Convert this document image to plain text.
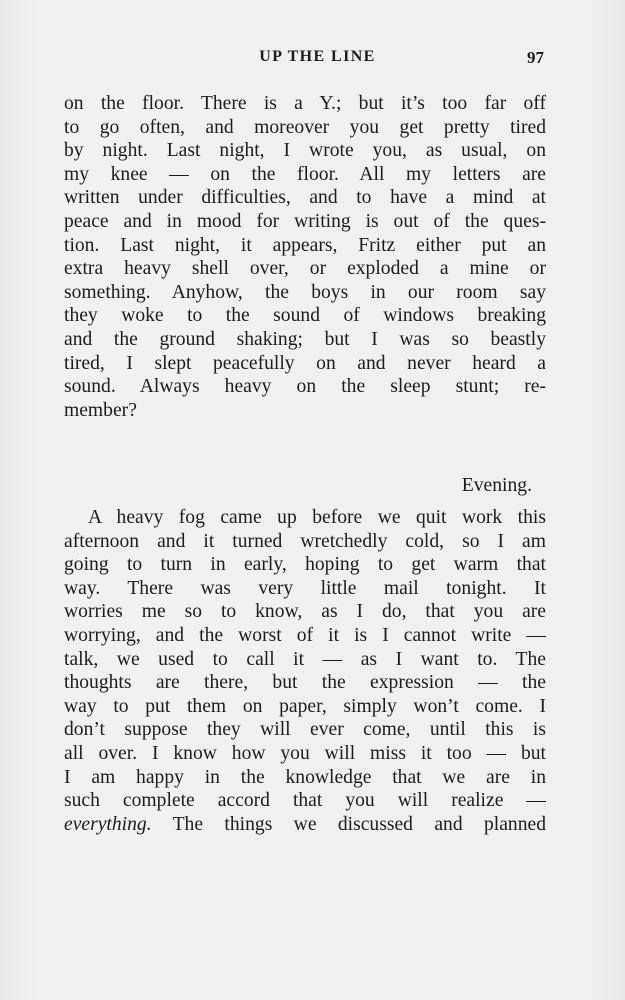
UP THE LINE	97
on the floor. There is a Y.; but it’s too far off
to go often, and moreover you get pretty tired
by night. Last night, I wrote you, as usual, on
my knee — on the floor. All my letters are
written under difficulties, and to have a mind at
peace and in mood for writing is out of the ques-
tion. Last night, it appears, Fritz either put an
extra heavy shell over, or exploded a mine or
something. Anyhow, the boys in our room say
they woke to the sound of windows breaking
and the ground shaking; but I was so beastly
tired, I slept peacefully on and never heard a
sound. Always heavy on the sleep stunt; re-
member?
Evening.
A heavy fog came up before we quit work this
afternoon and it turned wretchedly cold, so I am
going to turn in early, hoping to get warm that
way. There was very little mail tonight. It
worries me so to know, as I do, that you are
worrying, and the worst of it is I cannot write —
talk, we used to call it — as I want to. The
thoughts are there, but the expression — the
way to put them on paper, simply won’t come. I
don’t suppose they will ever come, until this is
all over. I know how you will miss it too — but
I am happy in the knowledge that we are in
such complete accord that you will realize —
everything. The things we discussed and planned
